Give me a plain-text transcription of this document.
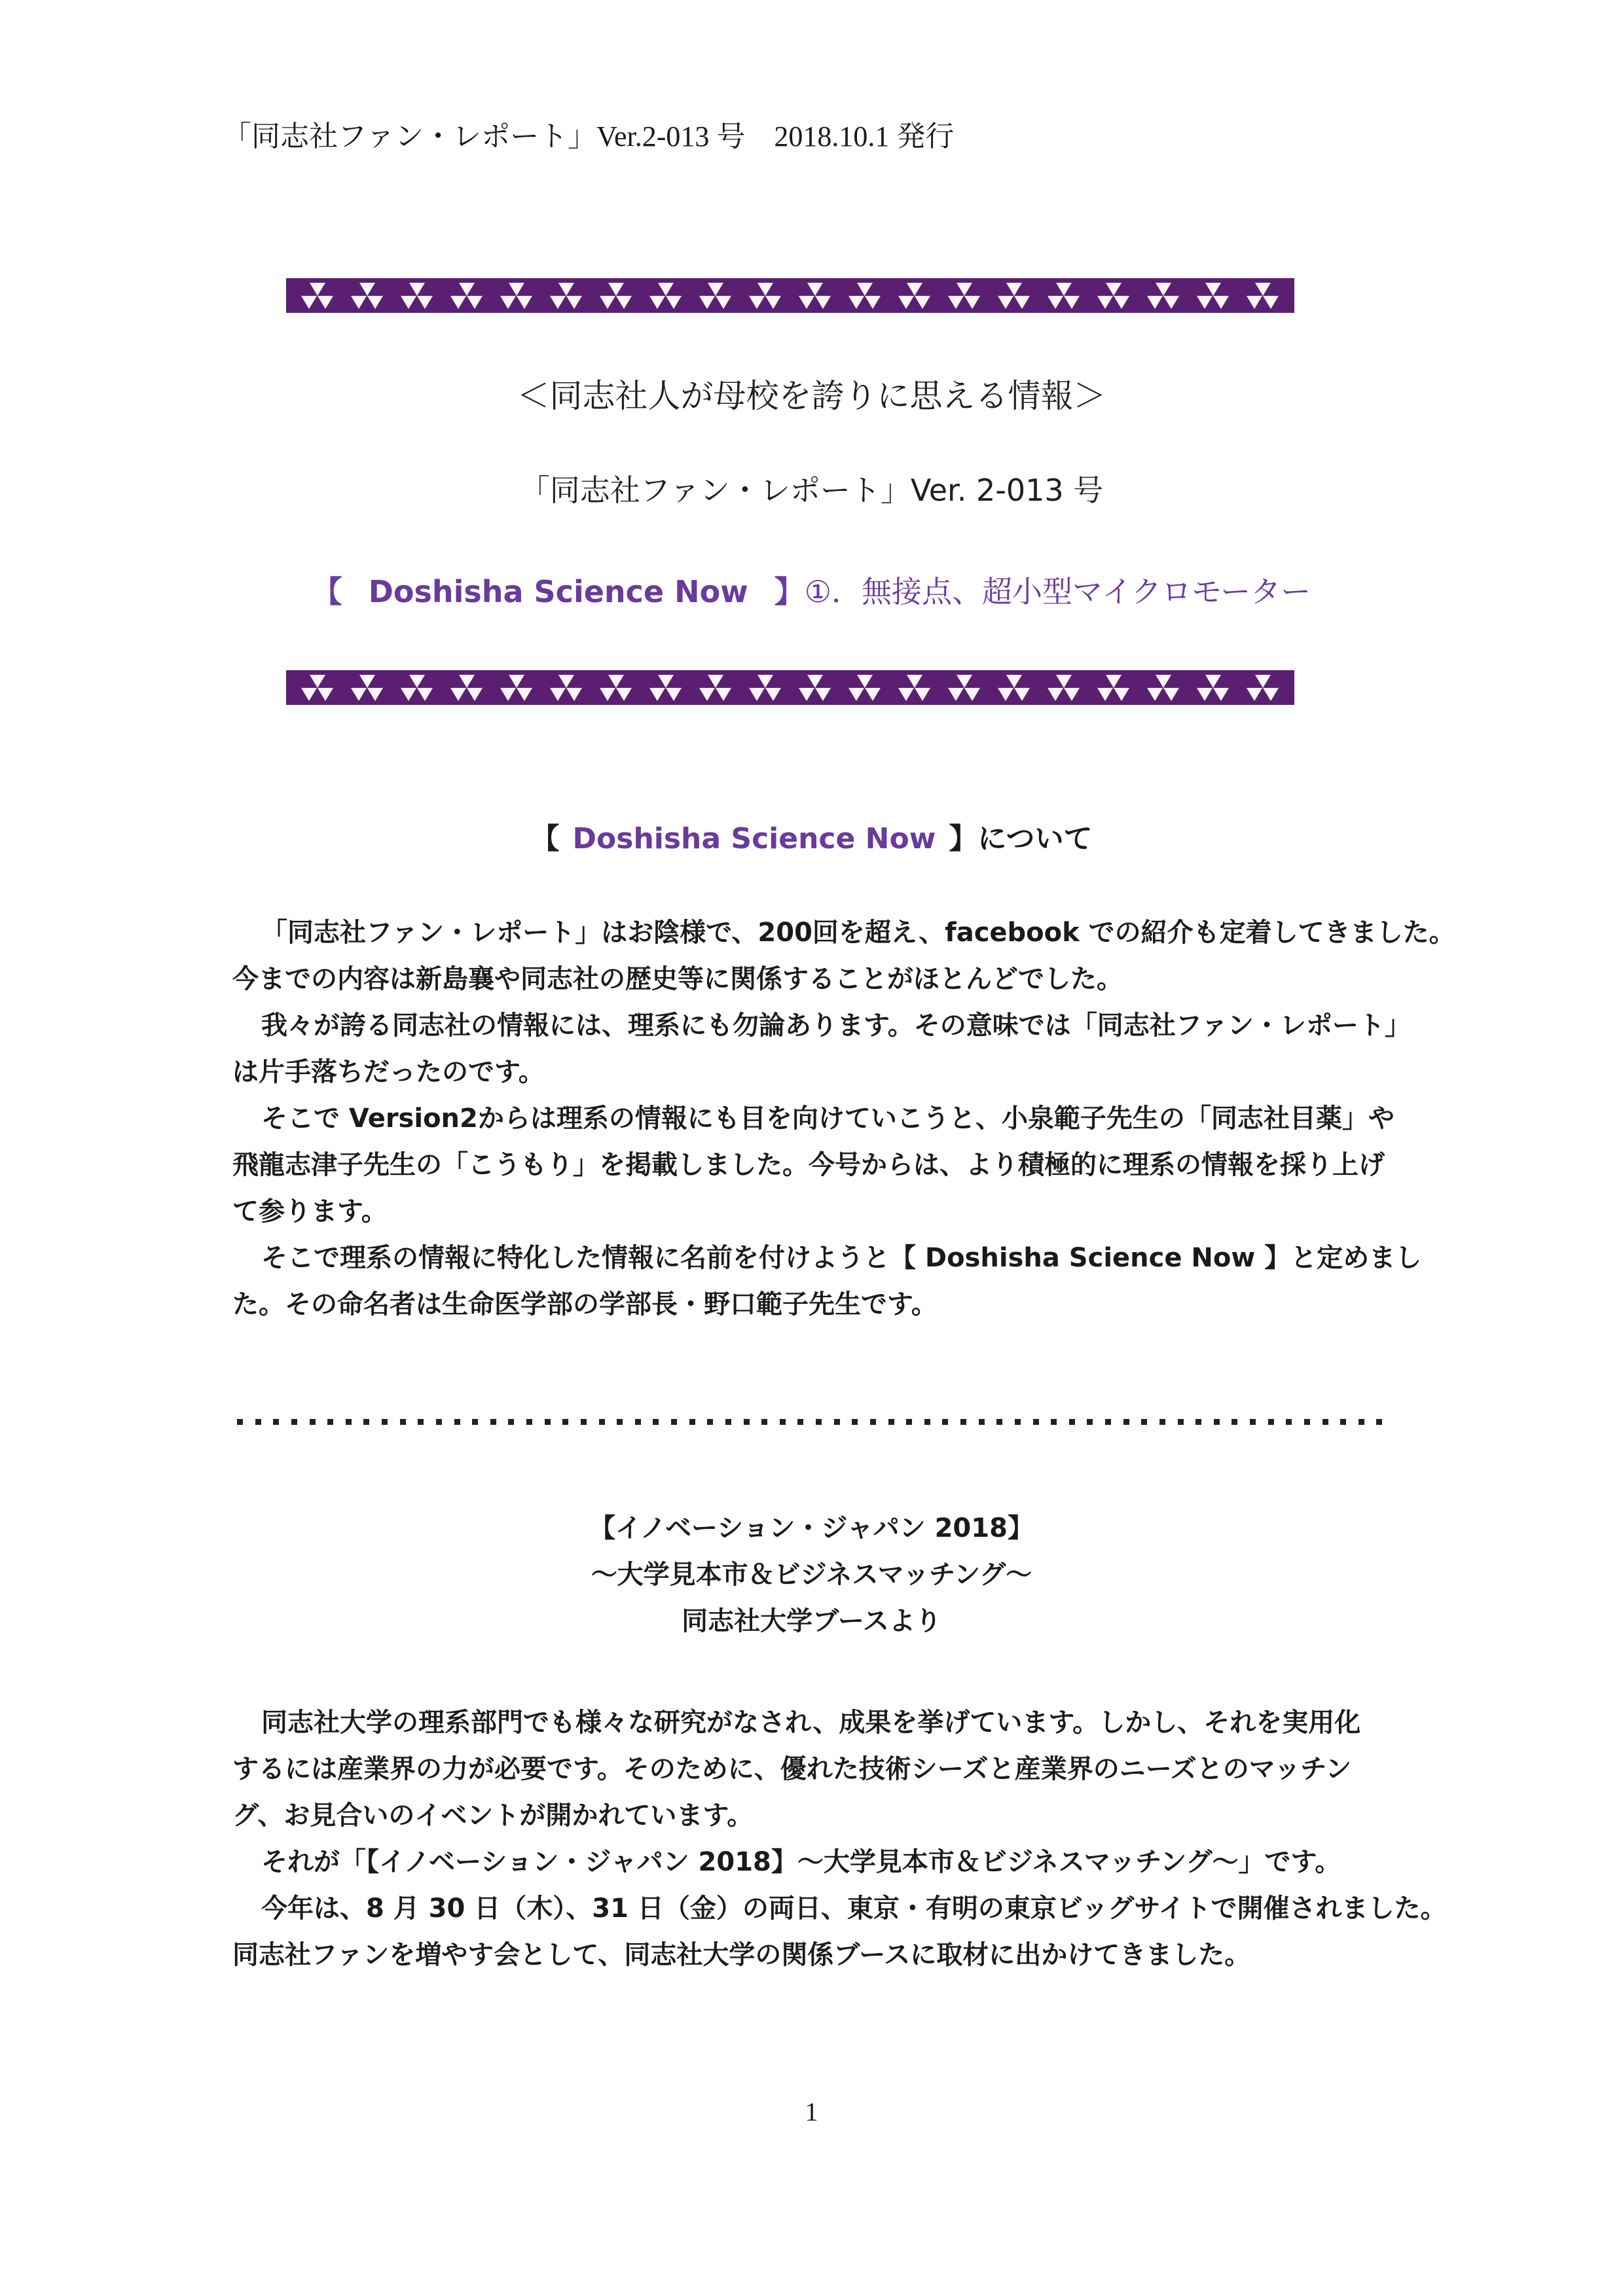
「同志社ファン・レポート」Ver.2-013 号　2018.10.1 発行
＜同志社人が母校を誇りに思える情報＞
「同志社ファン・レポート」Ver. 2-013 号
【 Doshisha Science Now 】①．無接点、超小型マイクロモーター
【 Doshisha Science Now 】について

「同志社ファン・レポート」はお陰様で、200回を超え、facebook での紹介も定着してきました。

今までの内容は新島襄や同志社の歴史等に関係することがほとんどでした。

我々が誇る同志社の情報には、理系にも勿論あります。その意味では「同志社ファン・レポート」

は片手落ちだったのです。

そこで Version2からは理系の情報にも目を向けていこうと、小泉範子先生の「同志社目薬」や

飛龍志津子先生の「こうもり」を掲載しました。今号からは、より積極的に理系の情報を採り上げ

て参ります。

そこで理系の情報に特化した情報に名前を付けようと【 Doshisha Science Now 】と定めまし

た。その命名者は生命医学部の学部長・野口範子先生です。

【イノベーション・ジャパン 2018】
～大学見本市＆ビジネスマッチング～
同志社大学ブースより

同志社大学の理系部門でも様々な研究がなされ、成果を挙げています。しかし、それを実用化

するには産業界の力が必要です。そのために、優れた技術シーズと産業界のニーズとのマッチン

グ、お見合いのイベントが開かれています。

それが「【イノベーション・ジャパン 2018】～大学見本市＆ビジネスマッチング～」です。

今年は、8 月 30 日（木）、31 日（金）の両日、東京・有明の東京ビッグサイトで開催されました。

同志社ファンを増やす会として、同志社大学の関係ブースに取材に出かけてきました。

1
